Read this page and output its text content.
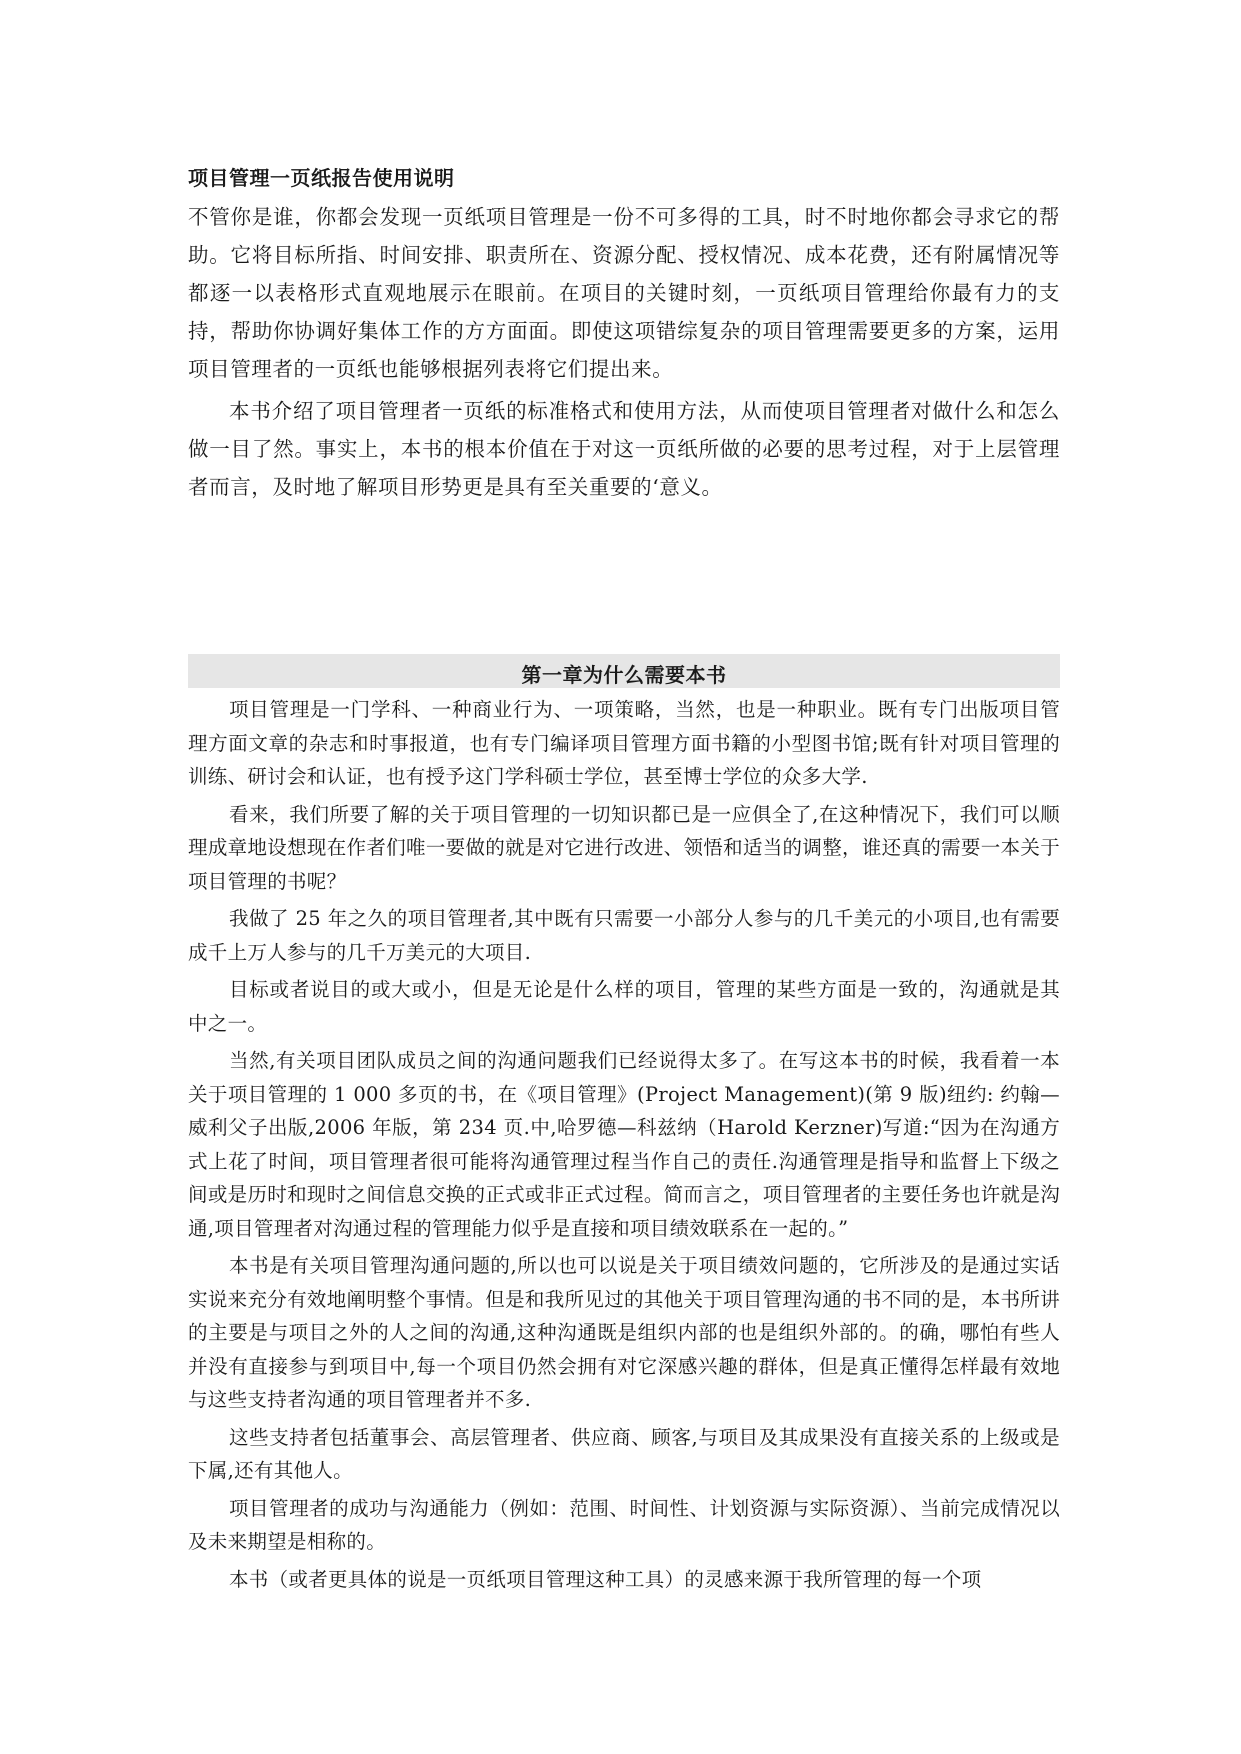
项目管理一页纸报告使用说明

不管你是谁，你都会发现一页纸项目管理是一份不可多得的工具，时不时地你都会寻求它的帮助。它将目标所指、时间安排、职责所在、资源分配、授权情况、成本花费，还有附属情况等都逐一以表格形式直观地展示在眼前。在项目的关键时刻，一页纸项目管理给你最有力的支持，帮助你协调好集体工作的方方面面。即使这项错综复杂的项目管理需要更多的方案，运用项目管理者的一页纸也能够根据列表将它们提出来。

本书介绍了项目管理者一页纸的标准格式和使用方法，从而使项目管理者对做什么和怎么做一目了然。事实上，本书的根本价值在于对这一页纸所做的必要的思考过程，对于上层管理者而言，及时地了解项目形势更是具有至关重要的‘意义。

第一章为什么需要本书

项目管理是一门学科、一种商业行为、一项策略，当然，也是一种职业。既有专门出版项目管理方面文章的杂志和时事报道，也有专门编译项目管理方面书籍的小型图书馆;既有针对项目管理的训练、研讨会和认证，也有授予这门学科硕士学位，甚至博士学位的众多大学.

看来，我们所要了解的关于项目管理的一切知识都已是一应俱全了,在这种情况下，我们可以顺理成章地设想现在作者们唯一要做的就是对它进行改进、领悟和适当的调整，谁还真的需要一本关于项目管理的书呢？

我做了 25 年之久的项目管理者,其中既有只需要一小部分人参与的几千美元的小项目,也有需要成千上万人参与的几千万美元的大项目.

目标或者说目的或大或小，但是无论是什么样的项目，管理的某些方面是一致的，沟通就是其中之一。

当然,有关项目团队成员之间的沟通问题我们已经说得太多了。在写这本书的时候，我看着一本关于项目管理的 1 000 多页的书，在《项目管理》(Project Management)(第 9 版)纽约: 约翰—威利父子出版,2006 年版，第 234 页.中,哈罗德—科兹纳（Harold Kerzner)写道:“因为在沟通方式上花了时间，项目管理者很可能将沟通管理过程当作自己的责任.沟通管理是指导和监督上下级之间或是历时和现时之间信息交换的正式或非正式过程。简而言之，项目管理者的主要任务也许就是沟通,项目管理者对沟通过程的管理能力似乎是直接和项目绩效联系在一起的。”

本书是有关项目管理沟通问题的,所以也可以说是关于项目绩效问题的，它所涉及的是通过实话实说来充分有效地阐明整个事情。但是和我所见过的其他关于项目管理沟通的书不同的是，本书所讲的主要是与项目之外的人之间的沟通,这种沟通既是组织内部的也是组织外部的。的确，哪怕有些人并没有直接参与到项目中,每一个项目仍然会拥有对它深感兴趣的群体，但是真正懂得怎样最有效地与这些支持者沟通的项目管理者并不多.

这些支持者包括董事会、高层管理者、供应商、顾客,与项目及其成果没有直接关系的上级或是下属,还有其他人。

项目管理者的成功与沟通能力（例如：范围、时间性、计划资源与实际资源）、当前完成情况以及未来期望是相称的。

本书（或者更具体的说是一页纸项目管理这种工具）的灵感来源于我所管理的每一个项
